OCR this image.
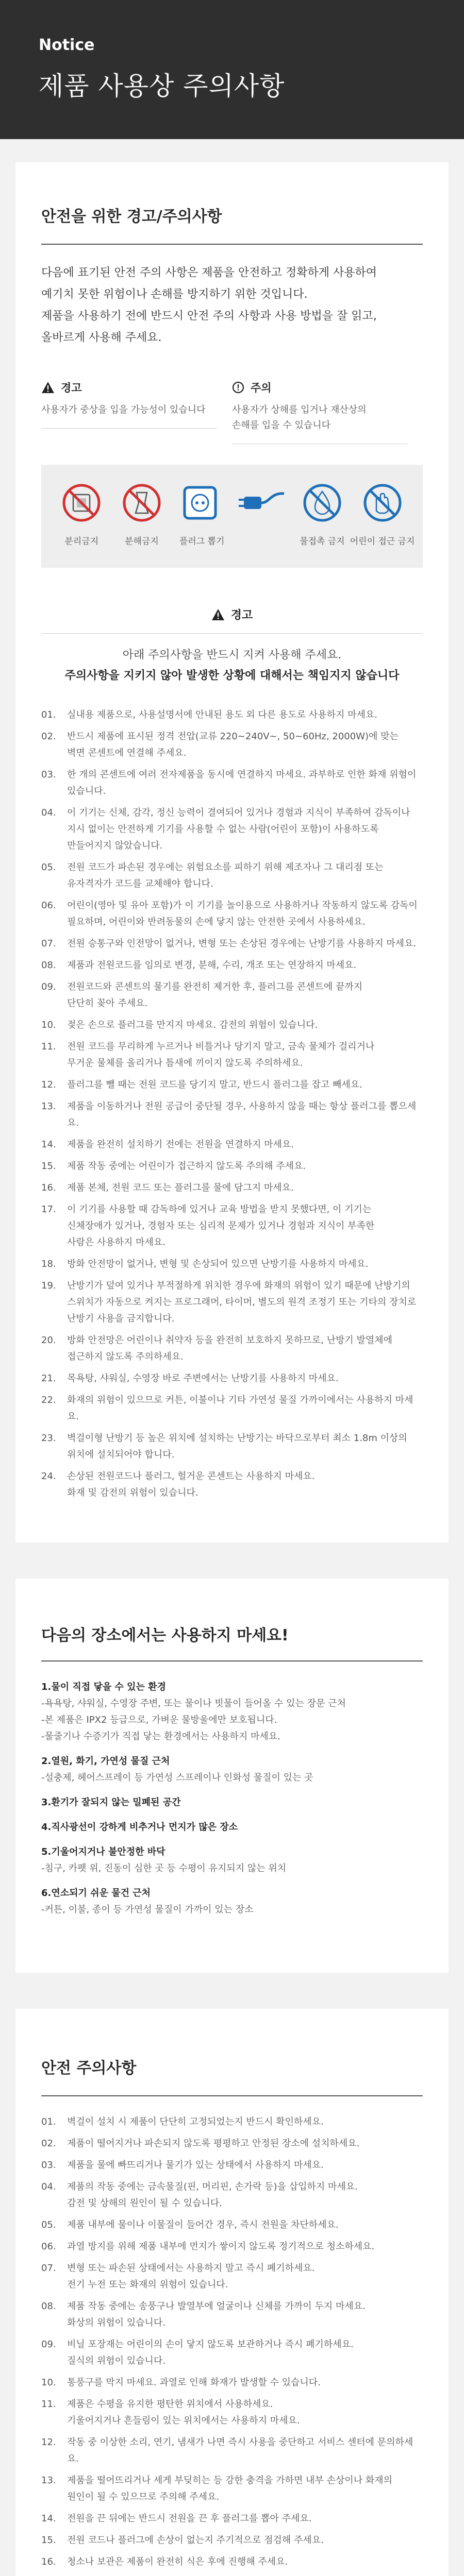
Notice
제품 사용상 주의사항
안전을 위한 경고/주의사항

다음에 표기된 안전 주의 사항은 제품을 안전하고 정확하게 사용하여

예기치 못한 위험이나 손해를 방지하기 위한 것입니다.

제품을 사용하기 전에 반드시 안전 주의 사항과 사용 방법을 잘 읽고,

올바르게 사용해 주세요.

경고
사용자가 중상을 입을 가능성이 있습니다
주의
사용자가 상해를 입거나 재산상의
손해를 입을 수 있습니다
분리금지	분해금지 플러그 뽑기	물접촉 금지 어린이 접근 금지
경고
아래 주의사항을 반드시 지켜 사용해 주세요.
주의사항을 지키지 않아 발생한 상황에 대해서는 책임지지 않습니다
01.	실내용 제품으로, 사용설명서에 안내된 용도 외 다른 용도로 사용하지 마세요.
02.	반드시 제품에 표시된 정격 전압(교류 220~240V~, 50~60Hz, 2000W)에 맞는
벽면 콘센트에 연결해 주세요.
03.	한 개의 콘센트에 여러 전자제품을 동시에 연결하지 마세요. 과부하로 인한 화재 위험이
있습니다.
04.	이 기기는 신체, 감각, 정신 능력이 결여되어 있거나 경험과 지식이 부족하여 감독이나
지시 없이는 안전하게 기기를 사용할 수 없는 사람(어린이 포함)이 사용하도록
만들어지지 않았습니다.
05.	전원 코드가 파손된 경우에는 위험요소를 피하기 위해 제조자나 그 대리점 또는
유자격자가 코드를 교체해야 합니다.
06.	어린이(영아 및 유아 포함)가 이 기기를 놀이용으로 사용하거나 작동하지 않도록 감독이
필요하며, 어린이와 반려동물의 손에 닿지 않는 안전한 곳에서 사용하세요.
07.	전원 승통구와 인전망이 없거나, 변형 또는 손상된 경우에는 난방기를 사용하지 마세요.
08.	제품과 전원코드를 임의로 변경, 분해, 수리, 개조 또는 연장하지 마세요.
09.	전원코드와 콘센트의 물기를 완전히 제거한 후, 플러그를 콘센트에 끝까지
단단히 꽂아 주세요.
10.	젖은 손으로 플러그를 만지지 마세요. 감전의 위험이 있습니다.
11.	전원 코드를 무리하게 누르거나 비틀거나 당기지 말고, 금속 물체가 걸리거나
무거운 물체를 올리거나 틈새에 끼이지 않도록 주의하세요.
12.	플러그를 뺄 때는 전원 코드를 당기지 말고, 반드시 플러그를 잡고 빼세요.
13.	제품을 이동하거나 전원 공급이 중단될 경우, 사용하지 않을 때는 항상 플러그를 뽑으세요.
14.	제품을 완전히 설치하기 전에는 전원을 연결하지 마세요.
15.	제품 작동 중에는 어린이가 접근하지 않도록 주의해 주세요.
16.	제품 본체, 전원 코드 또는 플러그를 물에 담그지 마세요.
17.	이 기기를 사용할 때 감독하에 있거나 교육 방법을 받지 못했다면, 이 기기는
신체장애가 있거나, 경험자 또는 심리적 문제가 있거나 경험과 지식이 부족한
사람은 사용하지 마세요.
18.	방화 안전망이 없거나, 변형 및 손상되어 있으면 난방기를 사용하지 마세요.
19.	난방기가 덮여 있거나 부적절하게 위치한 경우에 화재의 위험이 있기 때문에 난방기의
스위치가 자동으로 켜지는 프로그래머, 타이머, 별도의 원격 조정기 또는 기타의 장치로
난방기 사용을 금지합니다.
20.	방화 안전망은 어린이나 취약자 등을 완전히 보호하지 못하므로, 난방기 발열체에
접근하지 않도록 주의하세요.
21.	목욕탕, 샤워실, 수영장 바로 주변에서는 난방기를 사용하지 마세요.
22.	화재의 위험이 있으므로 커튼, 이불이나 기타 가연성 물질 가까이에서는 사용하지 마세요.
23.	벽걸이형 난방기 등 높은 위치에 설치하는 난방기는 바닥으로부터 최소 1.8m 이상의
위치에 설치되어야 합니다.
24.	손상된 전원코드나 플러그, 헐거운 콘센트는 사용하지 마세요.
화재 및 감전의 위험이 있습니다.
다음의 장소에서는 사용하지 마세요!
1.물이 직접 닿을 수 있는 환경
-욕욕탕, 샤워실, 수영장 주변, 또는 물이나 빗물이 들어올 수 있는 장문 근처
-본 제품은 IPX2 등급으로, 가벼운 물방울에만 보호됩니다.
-물줄기나 수증기가 직접 닿는 환경에서는 사용하지 마세요.
2.열원, 화기, 가연성 물질 근처
-설충제, 헤어스프레이 등 가연성 스프레이나 인화성 물질이 있는 곳
3.환기가 잘되지 않는 밀폐된 공간
4.직사광선이 강하게 비추거나 먼지가 많은 장소
5.기울어지거나 불안정한 바닥
-침구, 카펫 위, 진동이 심한 곳 등 수평이 유지되지 않는 위치
6.연소되기 쉬운 물건 근처
-커튼, 이불, 종이 등 가연성 물질이 가까이 있는 장소
안전 주의사항
01.	벽걸이 설치 시 제품이 단단히 고정되었는지 반드시 확인하세요.
02.	제품이 떨어지거나 파손되지 않도록 평평하고 안정된 장소에 설치하세요.
03.	제품을 물에 빠뜨리거나 물기가 있는 상태에서 사용하지 마세요.
04.	제품의 작동 중에는 금속물질(핀, 머리핀, 손가락 등)을 삽입하지 마세요.
감전 및 상해의 원인이 될 수 있습니다.
05.	제품 내부에 물이나 이물질이 들어간 경우, 즉시 전원을 차단하세요.
06.	과열 방지를 위해 제품 내부에 먼지가 쌓이지 않도록 정기적으로 청소하세요.
07.	변형 또는 파손된 상태에서는 사용하지 말고 즉시 폐기하세요.
전기 누전 또는 화재의 위험이 있습니다.
08.	제품 작동 중에는 송풍구나 발열부에 얼굴이나 신체를 가까이 두지 마세요.
화상의 위험이 있습니다.
09.	비닐 포장재는 어린이의 손이 닿지 않도록 보관하거나 즉시 폐기하세요.
질식의 위험이 있습니다.
10.	통풍구를 막지 마세요. 과열로 인해 화재가 발생할 수 있습니다.
11.	제품은 수평을 유지한 평탄한 위치에서 사용하세요.
기울어지거나 흔들림이 있는 위치에서는 사용하지 마세요.
12.	작동 중 이상한 소리, 연기, 냄새가 나면 즉시 사용을 중단하고 서비스 센터에 문의하세요.
13.	제품을 떨어뜨리거나 세게 부딪히는 등 강한 충격을 가하면 내부 손상이나 화재의
원인이 될 수 있으므로 주의해 주세요.
14.	전원을 끈 뒤에는 반드시 전원을 끈 후 플러그를 뽑아 주세요.
15.	전원 코드나 플러그에 손상이 없는지 주기적으로 점검해 주세요.
16.	청소나 보관은 제품이 완전히 식은 후에 진행해 주세요.
